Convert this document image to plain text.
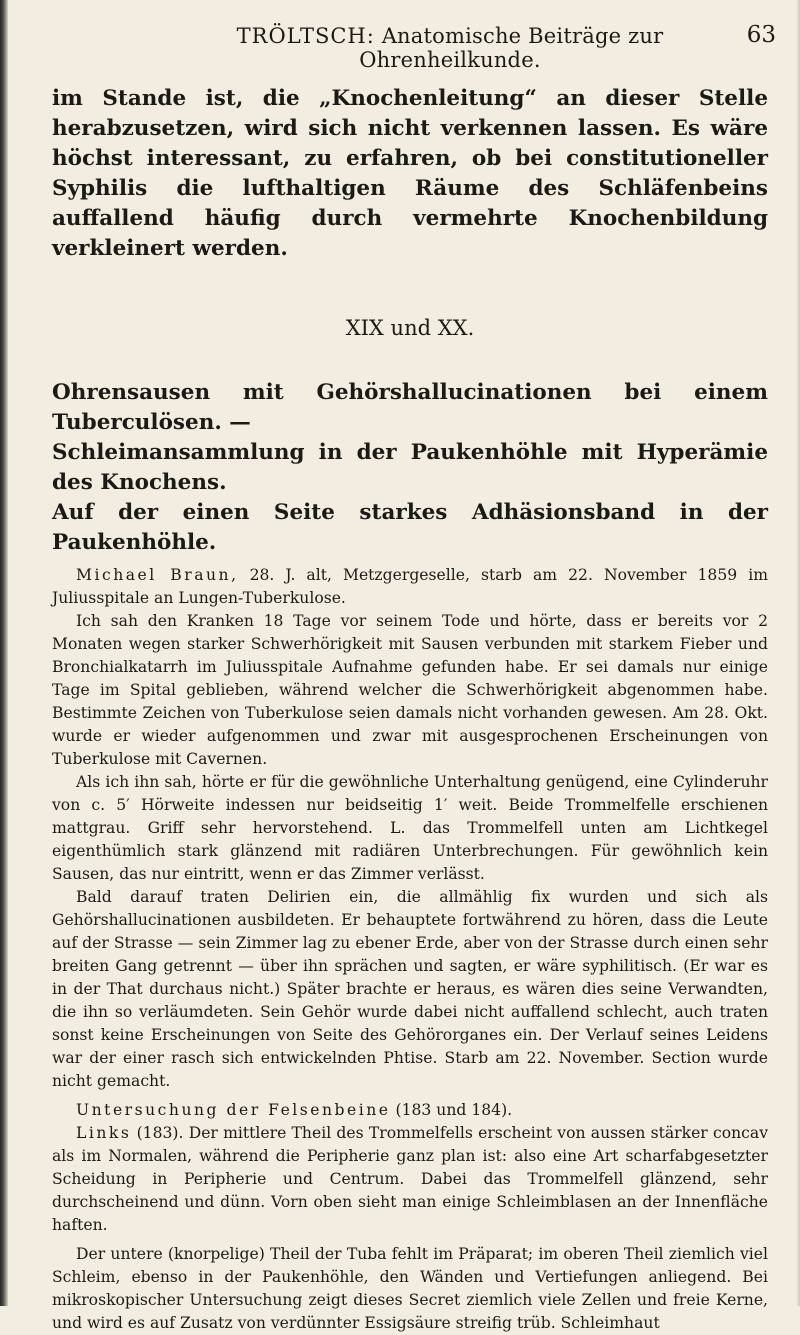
TRÖLTSCH: Anatomische Beiträge zur Ohrenheilkunde.
63

im Stande ist, die „Knochenleitung“ an dieser Stelle herabzusetzen, wird sich nicht verkennen lassen. Es wäre höchst interessant, zu erfahren, ob bei constitutioneller Syphilis die lufthaltigen Räume des Schläfenbeins auffallend häufig durch vermehrte Knochenbildung verkleinert werden.

XIX und XX.
Ohrensausen mit Gehörshallucinationen bei einem Tuberculösen. —
Schleimansammlung in der Paukenhöhle mit Hyperämie des Knochens.
Auf der einen Seite starkes Adhäsionsband in der Paukenhöhle.

Michael Braun, 28. J. alt, Metzgergeselle, starb am 22. November 1859 im Juliusspitale an Lungen-Tuberkulose.

Ich sah den Kranken 18 Tage vor seinem Tode und hörte, dass er bereits vor 2 Monaten wegen starker Schwerhörigkeit mit Sausen verbunden mit starkem Fieber und Bronchialkatarrh im Juliusspitale Aufnahme gefunden habe. Er sei damals nur einige Tage im Spital geblieben, während welcher die Schwerhörigkeit abgenommen habe. Bestimmte Zeichen von Tuberkulose seien damals nicht vorhanden gewesen. Am 28. Okt. wurde er wieder aufgenommen und zwar mit ausgesprochenen Erscheinungen von Tuberkulose mit Cavernen.

Als ich ihn sah, hörte er für die gewöhnliche Unterhaltung genügend, eine Cylinderuhr von c. 5′ Hörweite indessen nur beidseitig 1′ weit. Beide Trommelfelle erschienen mattgrau. Griff sehr hervorstehend. L. das Trommelfell unten am Lichtkegel eigenthümlich stark glänzend mit radiären Unterbrechungen. Für gewöhnlich kein Sausen, das nur eintritt, wenn er das Zimmer verlässt.

Bald darauf traten Delirien ein, die allmählig fix wurden und sich als Gehörshallucinationen ausbildeten. Er behauptete fortwährend zu hören, dass die Leute auf der Strasse — sein Zimmer lag zu ebener Erde, aber von der Strasse durch einen sehr breiten Gang getrennt — über ihn sprächen und sagten, er wäre syphilitisch. (Er war es in der That durchaus nicht.) Später brachte er heraus, es wären dies seine Verwandten, die ihn so verläumdeten. Sein Gehör wurde dabei nicht auffallend schlecht, auch traten sonst keine Erscheinungen von Seite des Gehörorganes ein. Der Verlauf seines Leidens war der einer rasch sich entwickelnden Phtise. Starb am 22. November. Section wurde nicht gemacht.

Untersuchung der Felsenbeine (183 und 184).

Links (183). Der mittlere Theil des Trommelfells erscheint von aussen stärker concav als im Normalen, während die Peripherie ganz plan ist: also eine Art scharfabgesetzter Scheidung in Peripherie und Centrum. Dabei das Trommelfell glänzend, sehr durchscheinend und dünn. Vorn oben sieht man einige Schleimblasen an der Innenfläche haften.

Der untere (knorpelige) Theil der Tuba fehlt im Präparat; im oberen Theil ziemlich viel Schleim, ebenso in der Paukenhöhle, den Wänden und Vertiefungen anliegend. Bei mikroskopischer Untersuchung zeigt dieses Secret ziemlich viele Zellen und freie Kerne, und wird es auf Zusatz von verdünnter Essigsäure streifig trüb. Schleimhaut
